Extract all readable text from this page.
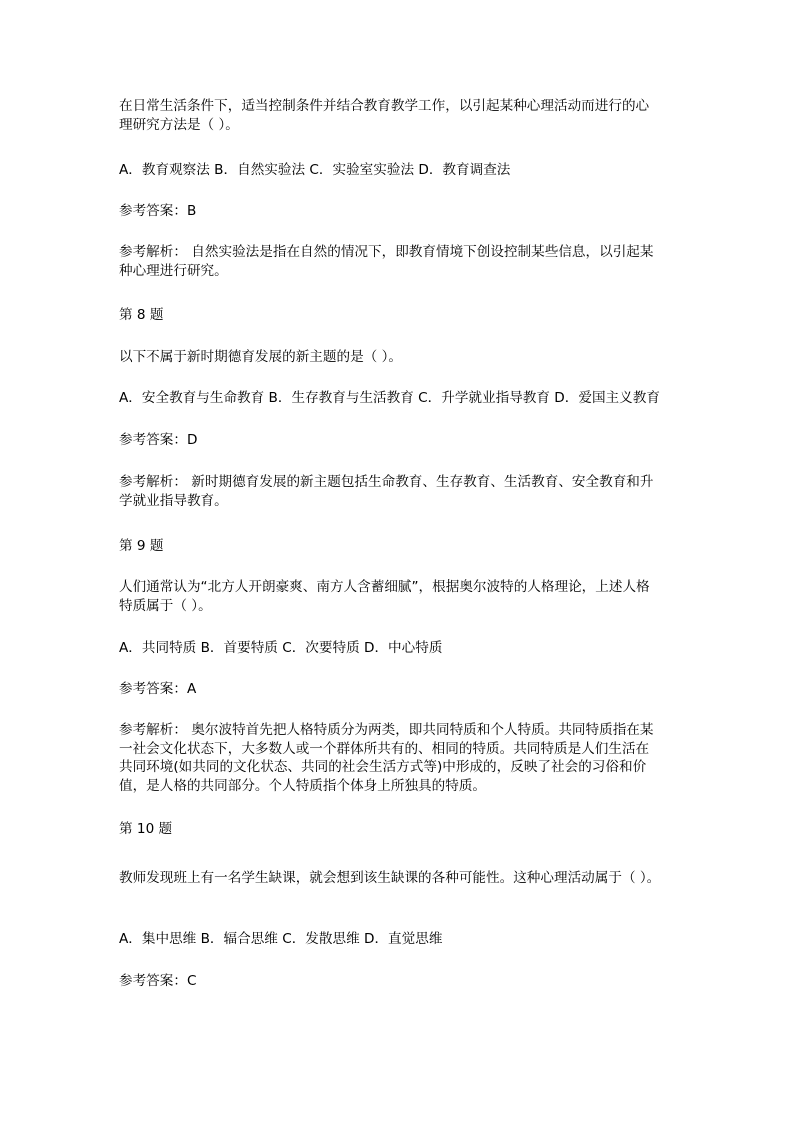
在日常生活条件下，适当控制条件并结合教育教学工作，以引起某种心理活动而进行的心
理研究方法是（ ）。
A．教育观察法 B．自然实验法 C．实验室实验法 D．教育调查法
参考答案：B
参考解析： 自然实验法是指在自然的情况下，即教育情境下创设控制某些信息，以引起某
种心理进行研究。
第 8 题
以下不属于新时期德育发展的新主题的是（ ）。
A．安全教育与生命教育 B．生存教育与生活教育 C．升学就业指导教育 D．爱国主义教育
参考答案：D
参考解析： 新时期德育发展的新主题包括生命教育、生存教育、生活教育、安全教育和升
学就业指导教育。
第 9 题
人们通常认为“北方人开朗豪爽、南方人含蓄细腻”，根据奥尔波特的人格理论，上述人格
特质属于（ ）。
A．共同特质 B．首要特质 C．次要特质 D．中心特质
参考答案：A
参考解析： 奥尔波特首先把人格特质分为两类，即共同特质和个人特质。共同特质指在某
一社会文化状态下，大多数人或一个群体所共有的、相同的特质。共同特质是人们生活在
共同环境(如共同的文化状态、共同的社会生活方式等)中形成的，反映了社会的习俗和价
值，是人格的共同部分。个人特质指个体身上所独具的特质。
第 10 题
教师发现班上有一名学生缺课，就会想到该生缺课的各种可能性。这种心理活动属于（ ）。
A．集中思维 B．辐合思维 C．发散思维 D．直觉思维
参考答案：C
